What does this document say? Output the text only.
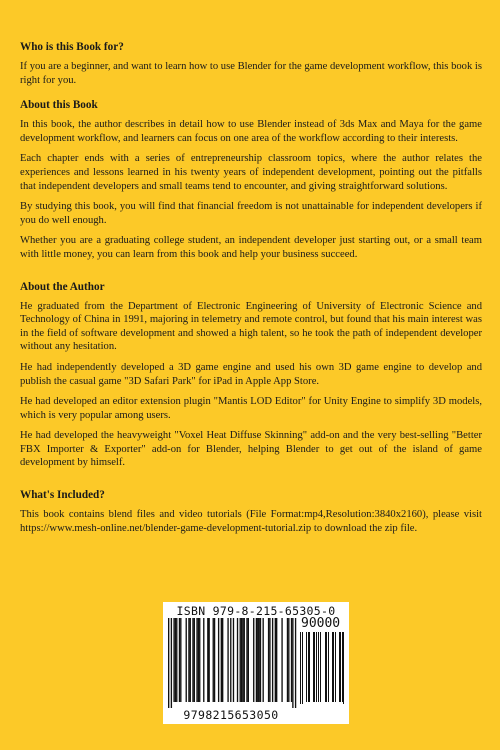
Who is this Book for?

If you are a beginner, and want to learn how to use Blender for the game development workflow, this book is right for you.

About this Book

In this book, the author describes in detail how to use Blender instead of 3ds Max and Maya for the game development workflow, and learners can focus on one area of the workflow according to their interests.

Each chapter ends with a series of entrepreneurship classroom topics, where the author relates the experiences and lessons learned in his twenty years of independent development, pointing out the pitfalls that independent developers and small teams tend to encounter, and giving straightforward solutions.

By studying this book, you will find that financial freedom is not unattainable for independent developers if you do well enough.

Whether you are a graduating college student, an independent developer just starting out, or a small team with little money, you can learn from this book and help your business succeed.

About the Author

He graduated from the Department of Electronic Engineering of University of Electronic Science and Technology of China in 1991, majoring in telemetry and remote control, but found that his main interest was in the field of software development and showed a high talent, so he took the path of independent developer without any hesitation.

He had independently developed a 3D game engine and used his own 3D game engine to develop and publish the casual game "3D Safari Park" for iPad in Apple App Store.

He had developed an editor extension plugin "Mantis LOD Editor" for Unity Engine to simplify 3D models, which is very popular among users.

He had developed the heavyweight "Voxel Heat Diffuse Skinning" add-on and the very best-selling "Better FBX Importer & Exporter" add-on for Blender, helping Blender to get out of the island of game development by himself.

What's Included?

This book contains blend files and video tutorials (File Format:mp4,Resolution:3840x2160), please visit https://www.mesh-online.net/blender-game-development-tutorial.zip to download the zip file.

ISBN 979-8-215-65305-0
90000
9798215653050
